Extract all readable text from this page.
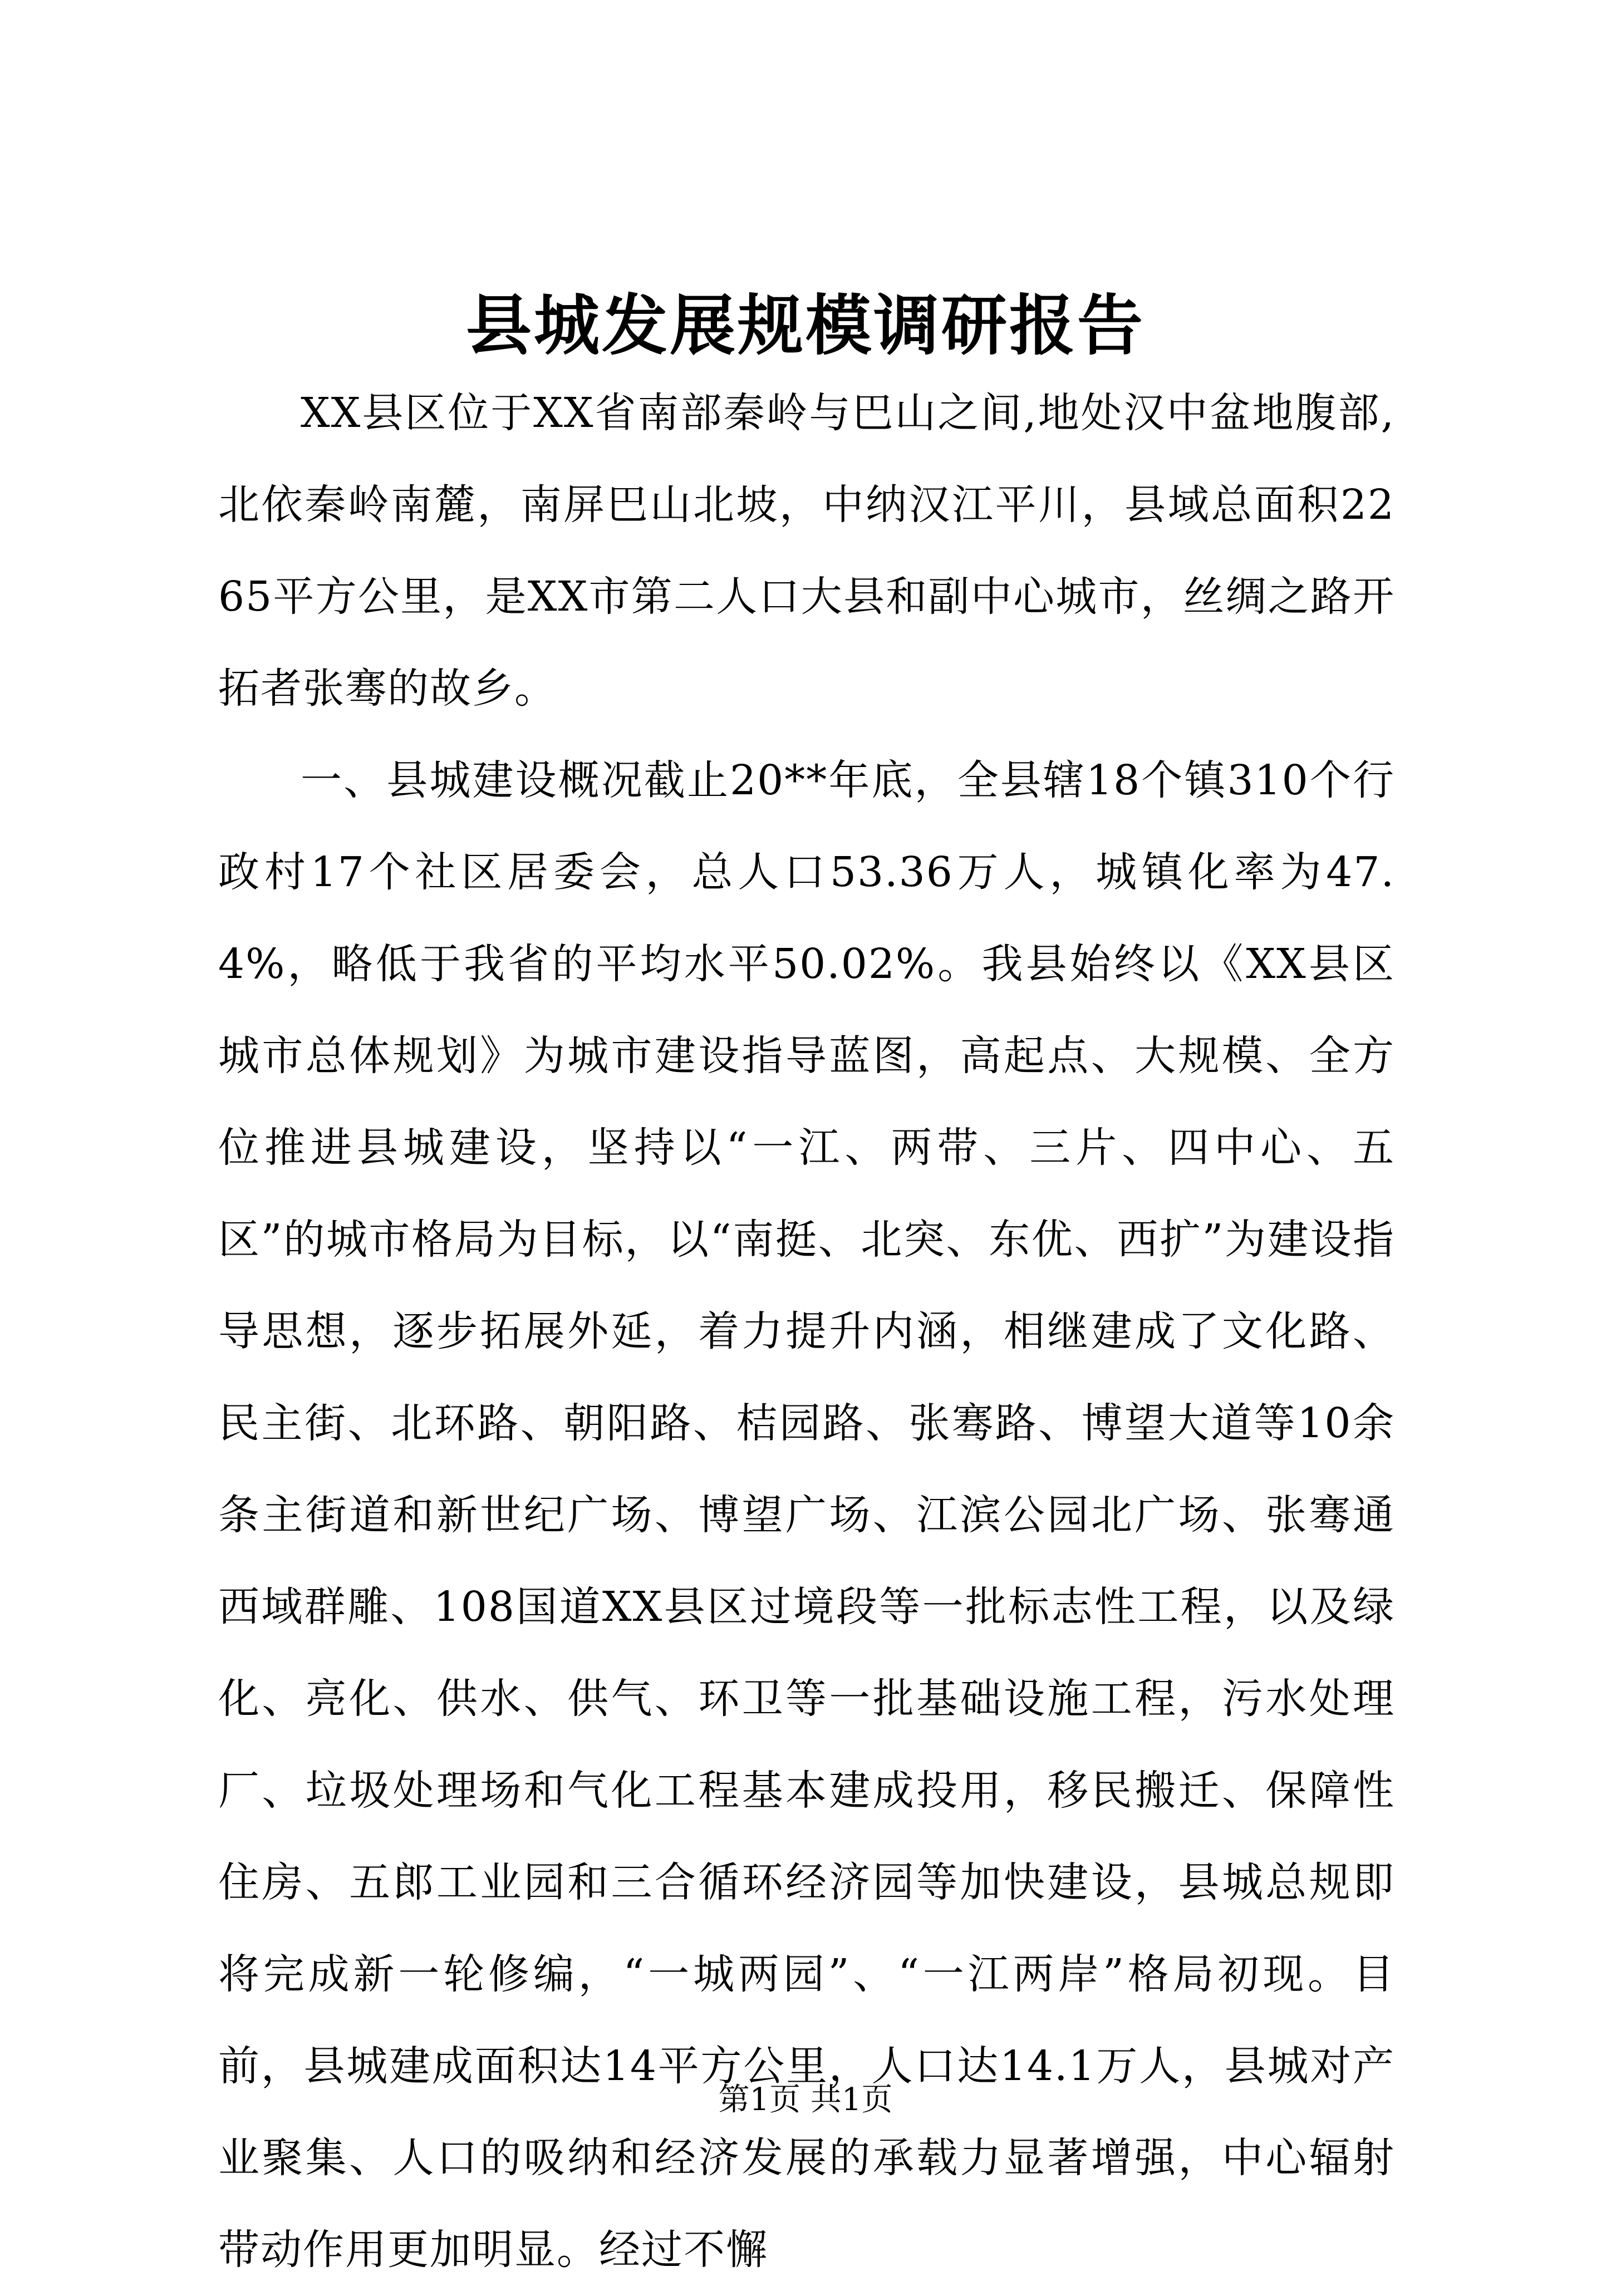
县城发展规模调研报告

XX县区位于XX省南部秦岭与巴山之间,地处汉中盆地腹部,北依秦岭南麓，南屏巴山北坡，中纳汉江平川，县域总面积2265平方公里，是XX市第二人口大县和副中心城市，丝绸之路开拓者张骞的故乡。

一、县城建设概况截止20**年底，全县辖18个镇310个行政村17个社区居委会，总人口53.36万人，城镇化率为47.4%，略低于我省的平均水平50.02%。我县始终以《XX县区城市总体规划》为城市建设指导蓝图，高起点、大规模、全方位推进县城建设，坚持以“一江、两带、三片、四中心、五区”的城市格局为目标，以“南挺、北突、东优、西扩”为建设指导思想，逐步拓展外延，着力提升内涵，相继建成了文化路、民主街、北环路、朝阳路、桔园路、张骞路、博望大道等10余条主街道和新世纪广场、博望广场、江滨公园北广场、张骞通西域群雕、108国道XX县区过境段等一批标志性工程，以及绿化、亮化、供水、供气、环卫等一批基础设施工程，污水处理厂、垃圾处理场和气化工程基本建成投用，移民搬迁、保障性住房、五郎工业园和三合循环经济园等加快建设，县城总规即将完成新一轮修编，“一城两园”、“一江两岸”格局初现。目前，县城建成面积达14平方公里，人口达14.1万人，县城对产业聚集、人口的吸纳和经济发展的承载力显著增强，中心辐射带动作用更加明显。经过不懈

第1页 共1页
